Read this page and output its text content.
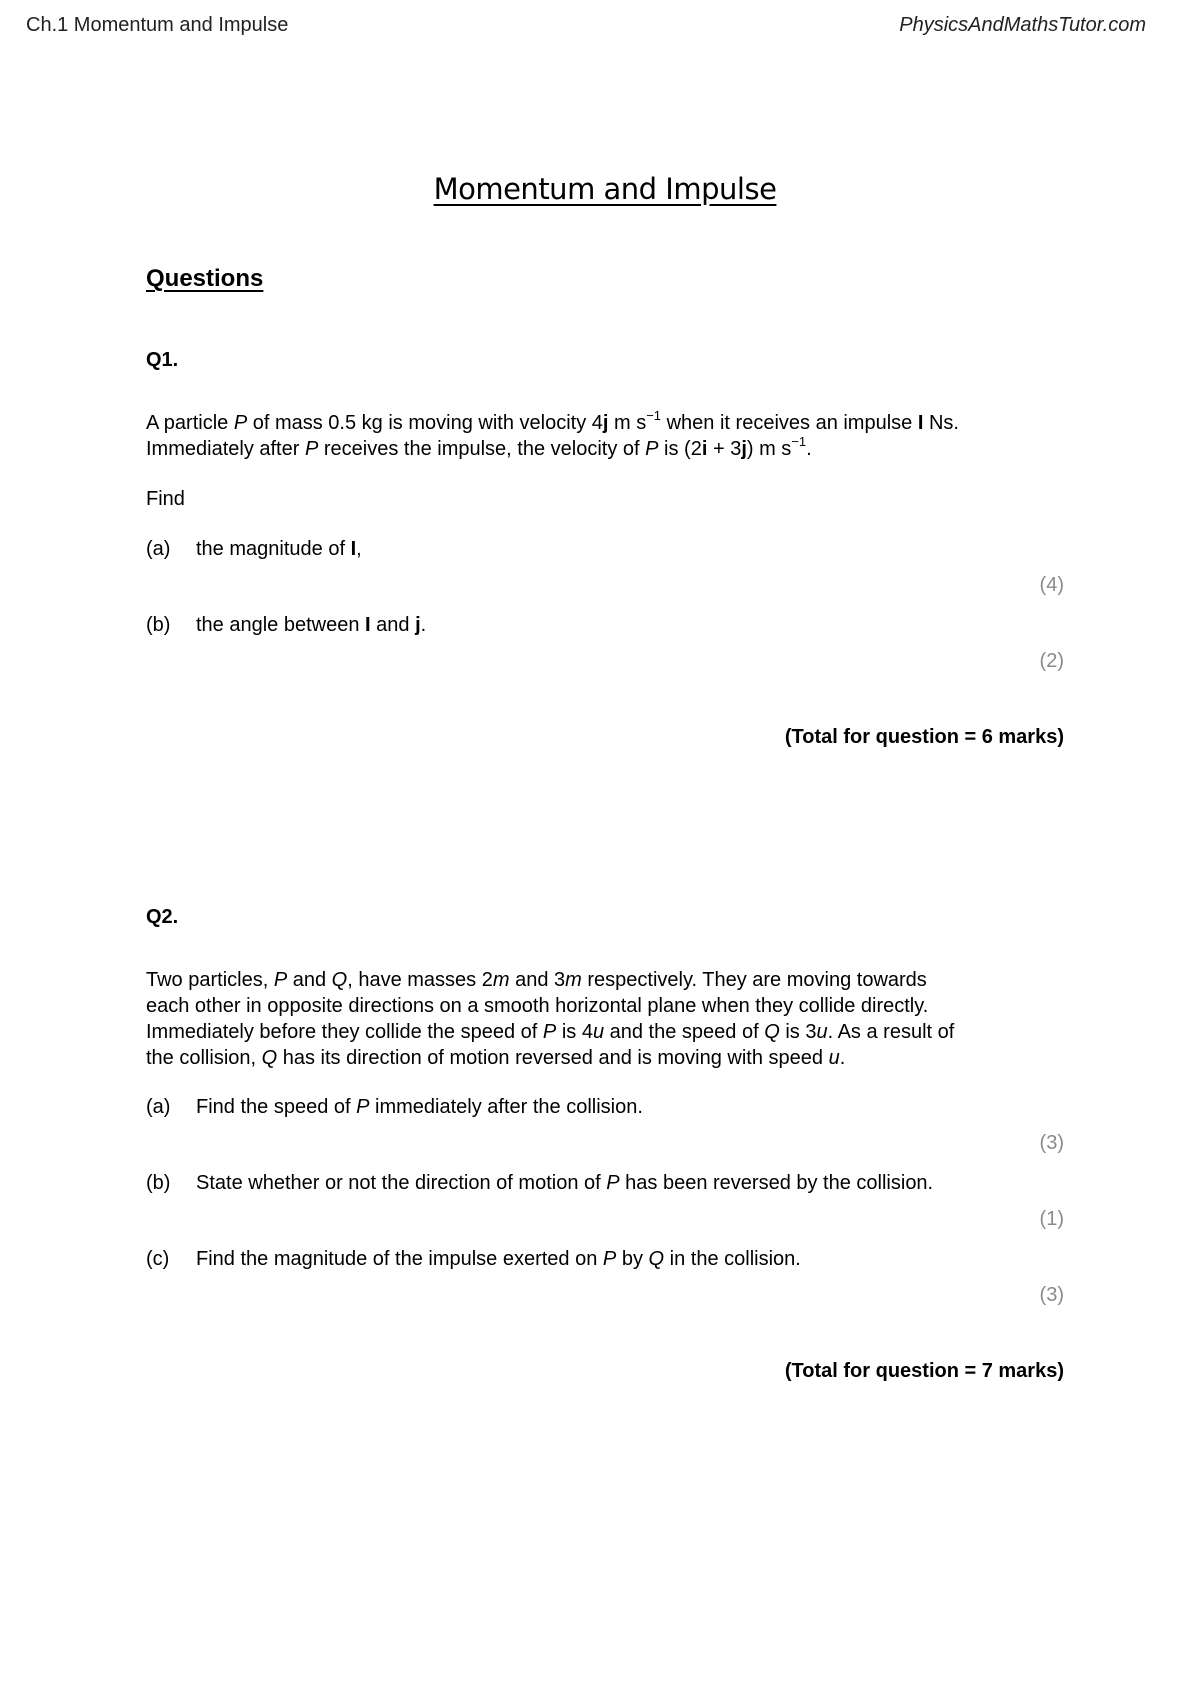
Ch.1 Momentum and Impulse	PhysicsAndMathsTutor.com
Momentum and Impulse
Questions
Q1.
A particle P of mass 0.5 kg is moving with velocity 4j m $s^{-1}$ when it receives an impulse I Ns.
Immediately after P receives the impulse, the velocity of P is (2i + 3j) m $s^{-1}$.
Find
(a) the magnitude of I,
(4)
(b) the angle between I and j.
(2)
(Total for question = 6 marks)
Q2.
Two particles, P and Q, have masses 2m and 3m respectively. They are moving towards
each other in opposite directions on a smooth horizontal plane when they collide directly.
Immediately before they collide the speed of P is 4u and the speed of Q is 3u. As a result of
the collision, Q has its direction of motion reversed and is moving with speed u.
(a) Find the speed of P immediately after the collision.
(3)
(b) State whether or not the direction of motion of P has been reversed by the collision.
(1)
(c) Find the magnitude of the impulse exerted on P by Q in the collision.
(3)
(Total for question = 7 marks)
